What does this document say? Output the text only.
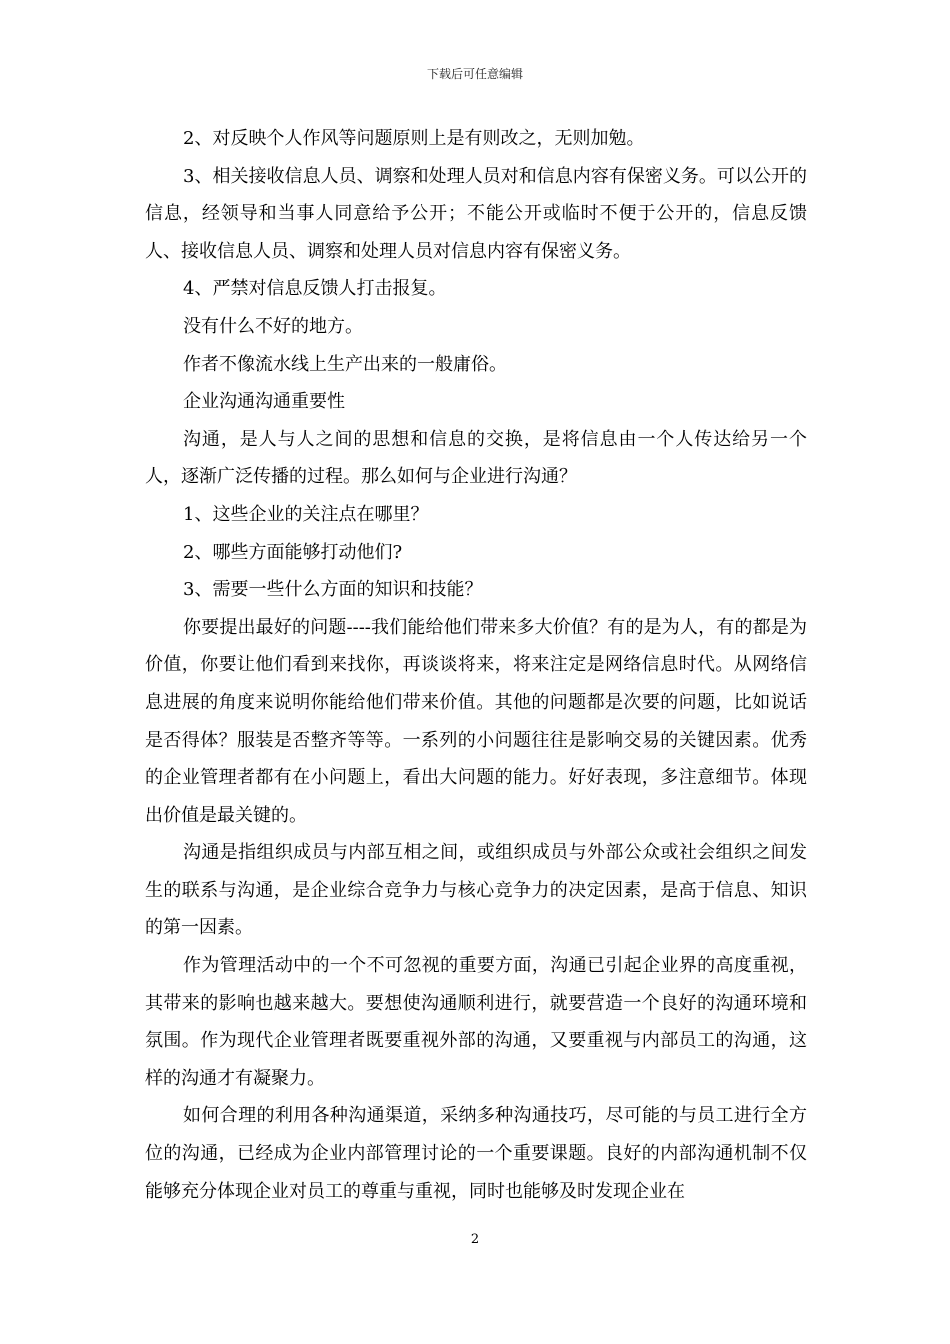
下载后可任意编辑

2、对反映个人作风等问题原则上是有则改之，无则加勉。

3、相关接收信息人员、调察和处理人员对和信息内容有保密义务。可以公开的信息，经领导和当事人同意给予公开；不能公开或临时不便于公开的，信息反馈人、接收信息人员、调察和处理人员对信息内容有保密义务。

4、严禁对信息反馈人打击报复。

没有什么不好的地方。

作者不像流水线上生产出来的一般庸俗。

企业沟通沟通重要性

沟通，是人与人之间的思想和信息的交换，是将信息由一个人传达给另一个人，逐渐广泛传播的过程。那么如何与企业进行沟通？

1、这些企业的关注点在哪里？

2、哪些方面能够打动他们?

3、需要一些什么方面的知识和技能？

你要提出最好的问题----我们能给他们带来多大价值？有的是为人，有的都是为价值，你要让他们看到来找你，再谈谈将来，将来注定是网络信息时代。从网络信息进展的角度来说明你能给他们带来价值。其他的问题都是次要的问题，比如说话是否得体？服装是否整齐等等。一系列的小问题往往是影响交易的关键因素。优秀的企业管理者都有在小问题上，看出大问题的能力。好好表现，多注意细节。体现出价值是最关键的。

沟通是指组织成员与内部互相之间，或组织成员与外部公众或社会组织之间发生的联系与沟通，是企业综合竞争力与核心竞争力的决定因素，是高于信息、知识的第一因素。

作为管理活动中的一个不可忽视的重要方面，沟通已引起企业界的高度重视，其带来的影响也越来越大。要想使沟通顺利进行，就要营造一个良好的沟通环境和氛围。作为现代企业管理者既要重视外部的沟通，又要重视与内部员工的沟通，这样的沟通才有凝聚力。

如何合理的利用各种沟通渠道，采纳多种沟通技巧，尽可能的与员工进行全方位的沟通，已经成为企业内部管理讨论的一个重要课题。良好的内部沟通机制不仅能够充分体现企业对员工的尊重与重视，同时也能够及时发现企业在

2
